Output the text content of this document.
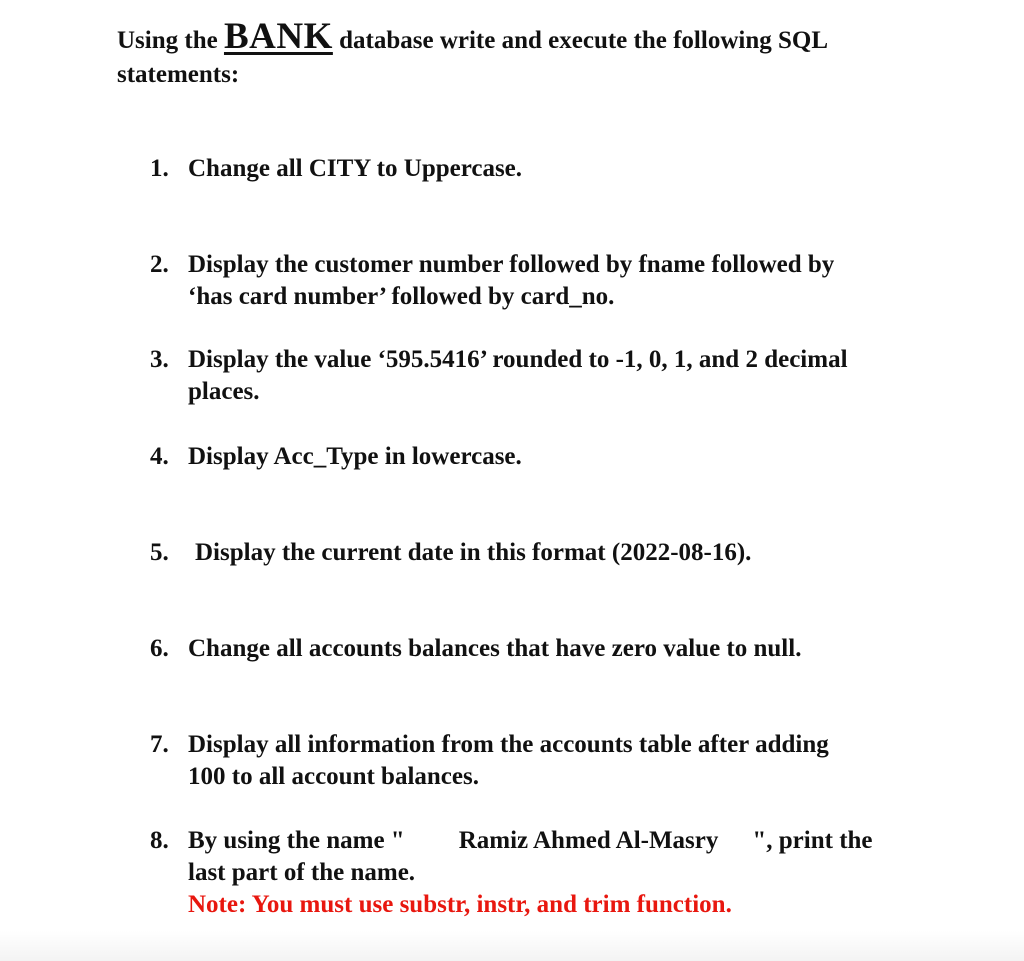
Using the BANK database write and execute the following SQL
statements:
1. Change all CITY to Uppercase.
2. Display the customer number followed by fname followed by
‘has card number’ followed by card_no.
3. Display the value ‘595.5416’ rounded to -1, 0, 1, and 2 decimal
places.
4. Display Acc_Type in lowercase.
5. Display the current date in this format (2022-08-16).
6. Change all accounts balances that have zero value to null.
7. Display all information from the accounts table after adding
100 to all account balances.
8. By using the name " Ramiz Ahmed Al-Masry ", print the
last part of the name.
Note: You must use substr, instr, and trim function.
